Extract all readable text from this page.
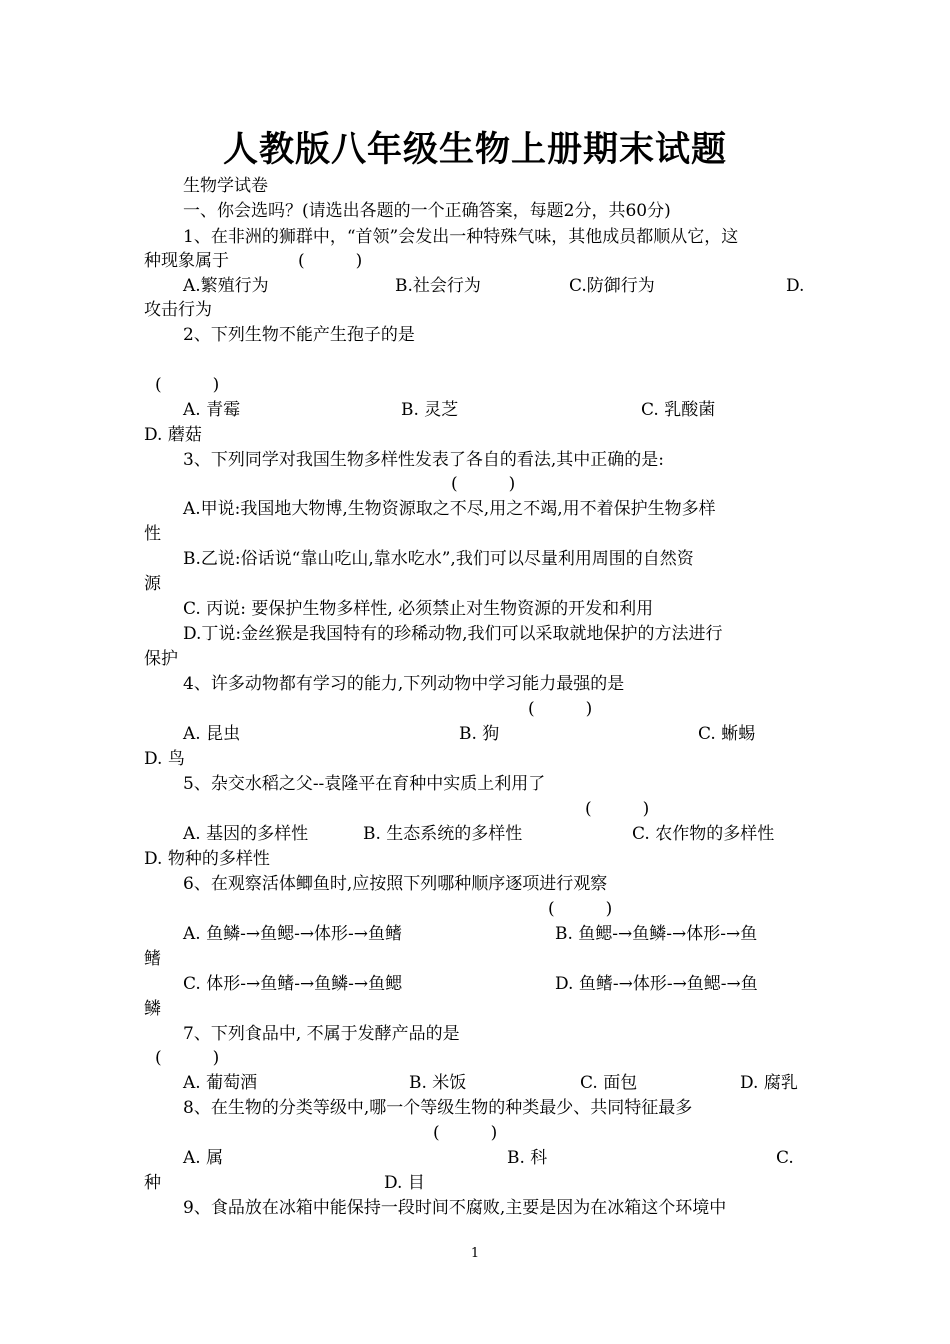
人教版八年级生物上册期末试题
生物学试卷
一、你会选吗？(请选出各题的一个正确答案，每题2分，共60分)
1、在非洲的狮群中，“首领”会发出一种特殊气味，其他成员都顺从它，这
种现象属于	(　　　)
A.繁殖行为	B.社会行为	C.防御行为	D.
攻击行为
2、下列生物不能产生孢子的是
(　　　)
A. 青霉	B. 灵芝	C. 乳酸菌
D. 蘑菇
3、下列同学对我国生物多样性发表了各自的看法,其中正确的是:
(　　　)
A.甲说:我国地大物博,生物资源取之不尽,用之不竭,用不着保护生物多样
性
B.乙说:俗话说“靠山吃山,靠水吃水”,我们可以尽量利用周围的自然资
源
C. 丙说: 要保护生物多样性, 必须禁止对生物资源的开发和利用
D.丁说:金丝猴是我国特有的珍稀动物,我们可以采取就地保护的方法进行
保护
4、许多动物都有学习的能力,下列动物中学习能力最强的是
(　　　)
A. 昆虫	B. 狗	C. 蜥蜴
D. 鸟
5、杂交水稻之父--袁隆平在育种中实质上利用了
(　　　)
A. 基因的多样性	B. 生态系统的多样性	C. 农作物的多样性
D. 物种的多样性
6、在观察活体鲫鱼时,应按照下列哪种顺序逐项进行观察
(　　　)
A. 鱼鳞-→鱼鳃-→体形-→鱼鳍	B. 鱼鳃-→鱼鳞-→体形-→鱼
鳍
C. 体形-→鱼鳍-→鱼鳞-→鱼鳃	D. 鱼鳍-→体形-→鱼鳃-→鱼
鳞
7、下列食品中, 不属于发酵产品的是
(　　　)
A. 葡萄酒	B. 米饭	C. 面包	D. 腐乳
8、在生物的分类等级中,哪一个等级生物的种类最少、共同特征最多
(　　　)
A. 属	B. 科	C.
种	D. 目
9、食品放在冰箱中能保持一段时间不腐败,主要是因为在冰箱这个环境中
1
